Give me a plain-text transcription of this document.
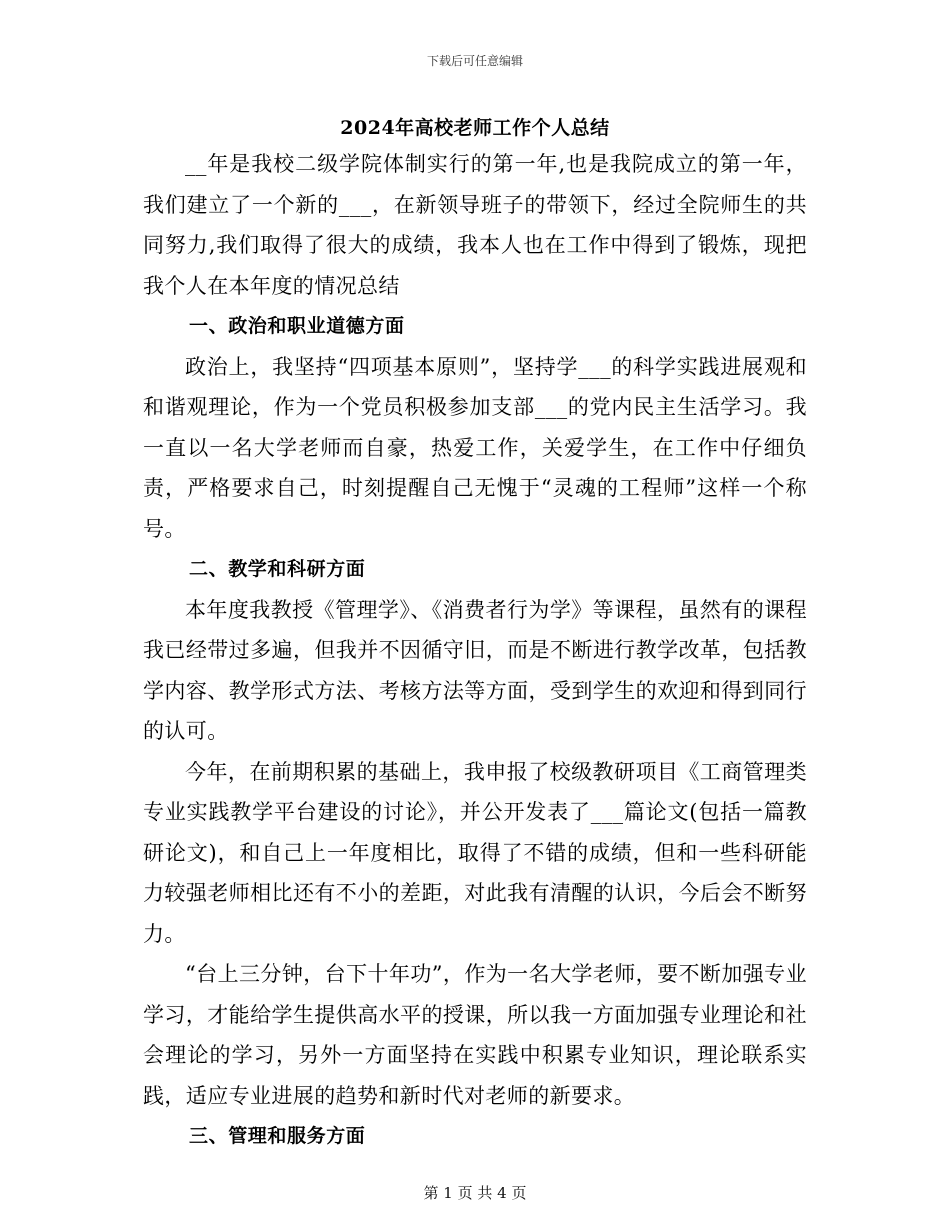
下载后可任意编辑
2024年高校老师工作个人总结

__年是我校二级学院体制实行的第一年,也是我院成立的第一年，我们建立了一个新的___，在新领导班子的带领下，经过全院师生的共同努力,我们取得了很大的成绩，我本人也在工作中得到了锻炼，现把我个人在本年度的情况总结

一、政治和职业道德方面

政治上，我坚持“四项基本原则”，坚持学___的科学实践进展观和和谐观理论，作为一个党员积极参加支部___的党内民主生活学习。我一直以一名大学老师而自豪，热爱工作，关爱学生，在工作中仔细负责，严格要求自己，时刻提醒自己无愧于“灵魂的工程师”这样一个称号。

二、教学和科研方面

本年度我教授《管理学》、《消费者行为学》等课程，虽然有的课程我已经带过多遍，但我并不因循守旧，而是不断进行教学改革，包括教学内容、教学形式方法、考核方法等方面，受到学生的欢迎和得到同行的认可。

今年，在前期积累的基础上，我申报了校级教研项目《工商管理类专业实践教学平台建设的讨论》，并公开发表了___篇论文(包括一篇教研论文)，和自己上一年度相比，取得了不错的成绩，但和一些科研能力较强老师相比还有不小的差距，对此我有清醒的认识，今后会不断努力。

“台上三分钟，台下十年功”，作为一名大学老师，要不断加强专业学习，才能给学生提供高水平的授课，所以我一方面加强专业理论和社会理论的学习，另外一方面坚持在实践中积累专业知识，理论联系实践，适应专业进展的趋势和新时代对老师的新要求。

三、管理和服务方面

第 1 页 共 4 页
